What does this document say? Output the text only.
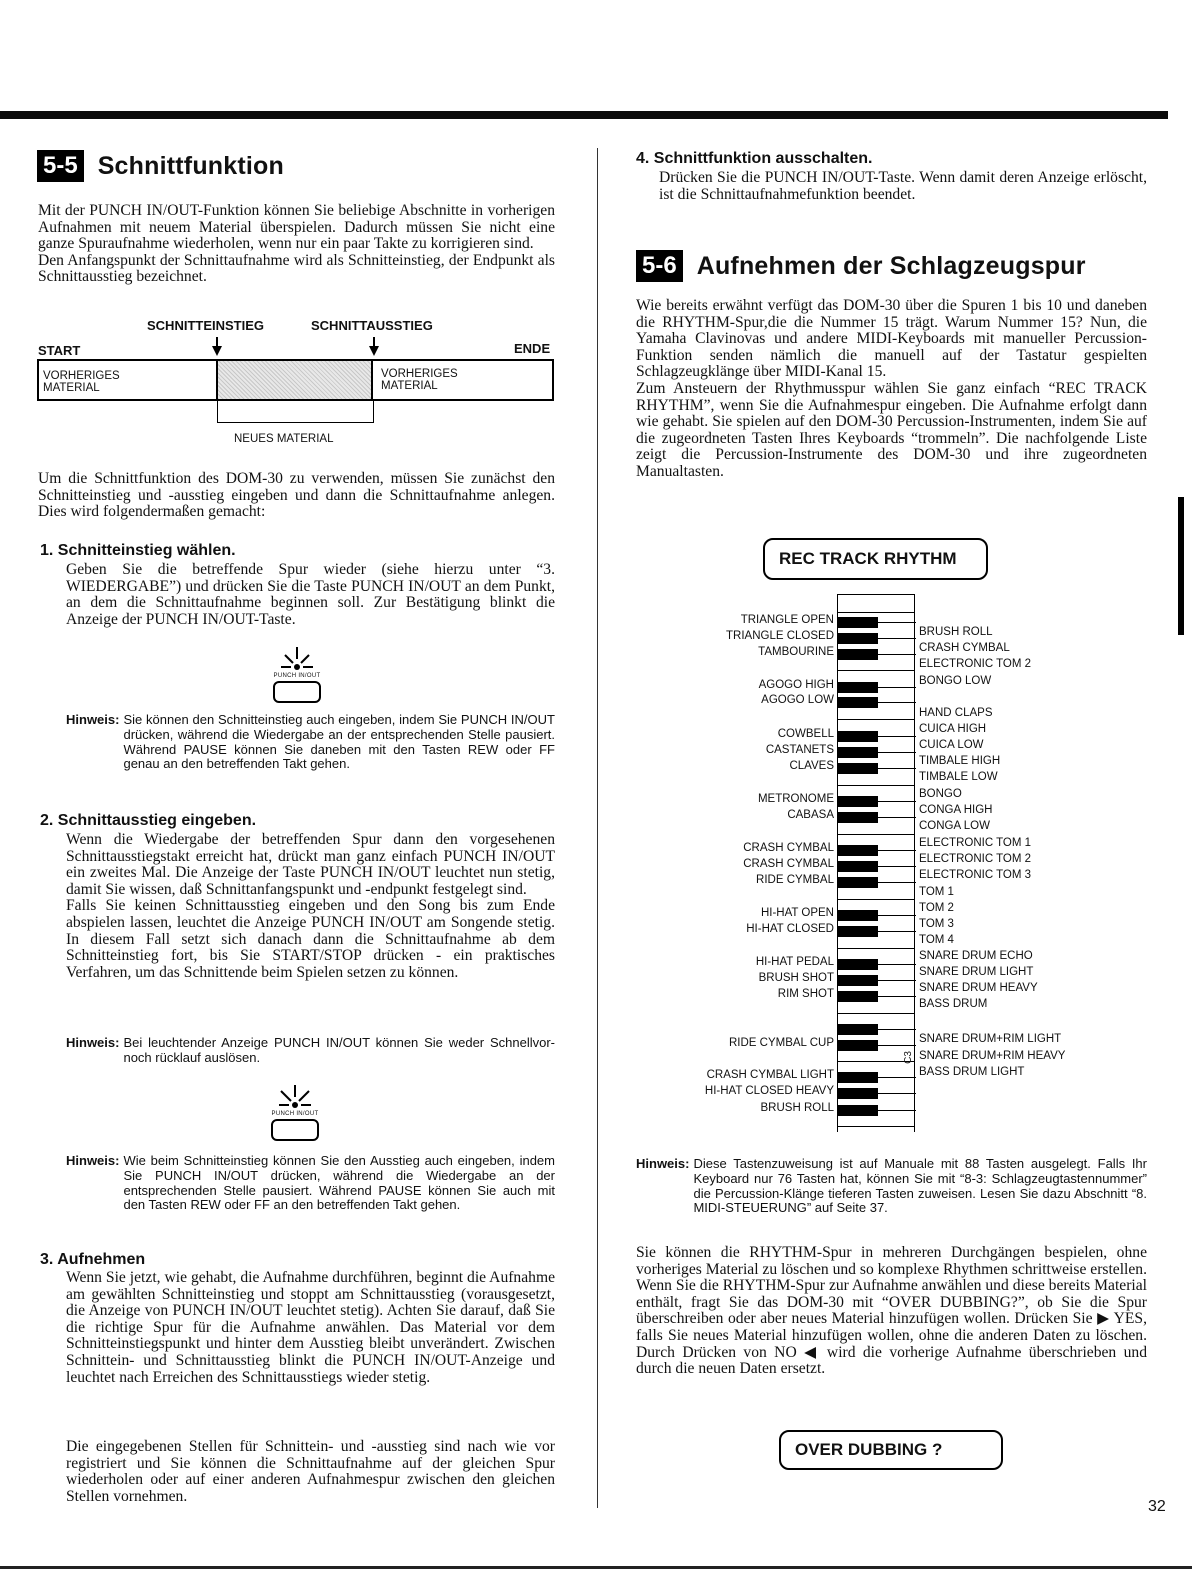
5-5 Schnittfunktion
Mit der PUNCH IN/OUT-Funktion können Sie beliebige Abschnitte in vorherigen Aufnahmen mit neuem Material überspielen. Dadurch müssen Sie nicht eine ganze Spuraufnahme wiederholen, wenn nur ein paar Takte zu korrigieren sind.
Den Anfangspunkt der Schnittaufnahme wird als Schnitteinstieg, der Endpunkt als Schnittausstieg bezeichnet.
SCHNITTEINSTIEG	SCHNITTAUSSTIEG
START	ENDE
VORHERIGES MATERIAL
VORHERIGES MATERIAL
NEUES MATERIAL
Um die Schnittfunktion des DOM-30 zu verwenden, müssen Sie zunächst den Schnitteinstieg und -ausstieg eingeben und dann die Schnittaufnahme anlegen. Dies wird folgendermaßen gemacht:
1. Schnitteinstieg wählen.
Geben Sie die betreffende Spur wieder (siehe hierzu unter “3. WIEDERGABE”) und drücken Sie die Taste PUNCH IN/OUT an dem Punkt, an dem die Schnittaufnahme beginnen soll. Zur Bestätigung blinkt die Anzeige der PUNCH IN/OUT-Taste.
PUNCH IN/OUT
Hinweis: Sie können den Schnitteinstieg auch eingeben, indem Sie PUNCH IN/OUT drücken, während die Wiedergabe an der entsprechenden Stelle pausiert. Während PAUSE können Sie daneben mit den Tasten REW oder FF genau an den betreffenden Takt gehen.
2. Schnittausstieg eingeben.
Wenn die Wiedergabe der betreffenden Spur dann den vorgesehenen Schnittausstiegstakt erreicht hat, drückt man ganz einfach PUNCH IN/OUT ein zweites Mal. Die Anzeige der Taste PUNCH IN/OUT leuchtet nun stetig, damit Sie wissen, daß Schnittanfangspunkt und -endpunkt festgelegt sind.
Falls Sie keinen Schnittausstieg eingeben und den Song bis zum Ende abspielen lassen, leuchtet die Anzeige PUNCH IN/OUT am Songende stetig. In diesem Fall setzt sich danach dann die Schnittaufnahme ab dem Schnitteinstieg fort, bis Sie START/STOP drücken - ein praktisches Verfahren, um das Schnittende beim Spielen setzen zu können.
Hinweis: Bei leuchtender Anzeige PUNCH IN/OUT können Sie weder Schnellvor- noch rücklauf auslösen.
PUNCH IN/OUT
Hinweis: Wie beim Schnitteinstieg können Sie den Ausstieg auch eingeben, indem Sie PUNCH IN/OUT drücken, während die Wiedergabe an der entsprechenden Stelle pausiert. Während PAUSE können Sie auch mit den Tasten REW oder FF an den betreffenden Takt gehen.
3. Aufnehmen
Wenn Sie jetzt, wie gehabt, die Aufnahme durchführen, beginnt die Aufnahme am gewählten Schnitteinstieg und stoppt am Schnittausstieg (vorausgesetzt, die Anzeige von PUNCH IN/OUT leuchtet stetig). Achten Sie darauf, daß Sie die richtige Spur für die Aufnahme anwählen. Das Material vor dem Schnitteinstiegspunkt und hinter dem Ausstieg bleibt unverändert. Zwischen Schnittein- und Schnittausstieg blinkt die PUNCH IN/OUT-Anzeige und leuchtet nach Erreichen des Schnittausstiegs wieder stetig.
Die eingegebenen Stellen für Schnittein- und -ausstieg sind nach wie vor registriert und Sie können die Schnittaufnahme auf der gleichen Spur wiederholen oder auf einer anderen Aufnahmespur zwischen den gleichen Stellen vornehmen.
4. Schnittfunktion ausschalten.
Drücken Sie die PUNCH IN/OUT-Taste. Wenn damit deren Anzeige erlöscht, ist die Schnittaufnahmefunktion beendet.
5-6 Aufnehmen der Schlagzeugspur
Wie bereits erwähnt verfügt das DOM-30 über die Spuren 1 bis 10 und daneben die RHYTHM-Spur,die die Nummer 15 trägt. Warum Nummer 15? Nun, die Yamaha Clavinovas und andere MIDI-Keyboards mit manueller Percussion-Funktion senden nämlich die manuell auf der Tastatur gespielten Schlagzeugklänge über MIDI-Kanal 15.
Zum Ansteuern der Rhythmusspur wählen Sie ganz einfach “REC TRACK RHYTHM”, wenn Sie die Aufnahmespur eingeben. Die Aufnahme erfolgt dann wie gehabt. Sie spielen auf den DOM-30 Percussion-Instrumenten, indem Sie auf die zugeordneten Tasten Ihres Keyboards “trommeln”. Die nachfolgende Liste zeigt die Percussion-Instrumente des DOM-30 und ihre zugeordneten Manualtasten.
REC TRACK RHYTHM
C3
TRIANGLE OPEN
TRIANGLE CLOSED
TAMBOURINE
AGOGO HIGH
AGOGO LOW
COWBELL
CASTANETS
CLAVES
METRONOME
CABASA
CRASH CYMBAL
CRASH CYMBAL
RIDE CYMBAL
HI-HAT OPEN
HI-HAT CLOSED
HI-HAT PEDAL
BRUSH SHOT
RIM SHOT
RIDE CYMBAL CUP
CRASH CYMBAL LIGHT
HI-HAT CLOSED HEAVY
BRUSH ROLL
BRUSH ROLL
CRASH CYMBAL
ELECTRONIC TOM 2
BONGO LOW
HAND CLAPS
CUICA HIGH
CUICA LOW
TIMBALE HIGH
TIMBALE LOW
BONGO
CONGA HIGH
CONGA LOW
ELECTRONIC TOM 1
ELECTRONIC TOM 2
ELECTRONIC TOM 3
TOM 1
TOM 2
TOM 3
TOM 4
SNARE DRUM ECHO
SNARE DRUM LIGHT
SNARE DRUM HEAVY
BASS DRUM
SNARE DRUM+RIM LIGHT
SNARE DRUM+RIM HEAVY
BASS DRUM LIGHT
Hinweis: Diese Tastenzuweisung ist auf Manuale mit 88 Tasten ausgelegt. Falls Ihr Keyboard nur 76 Tasten hat, können Sie mit “8-3: Schlagzeugtastennummer” die Percussion-Klänge tieferen Tasten zuweisen. Lesen Sie dazu Abschnitt “8. MIDI-STEUERUNG” auf Seite 37.
Sie können die RHYTHM-Spur in mehreren Durchgängen bespielen, ohne vorheriges Material zu löschen und so komplexe Rhythmen schrittweise erstellen. Wenn Sie die RHYTHM-Spur zur Aufnahme anwählen und diese bereits Material enthält, fragt Sie das DOM-30 mit “OVER DUBBING?”, ob Sie die Spur überschreiben oder aber neues Material hinzufügen wollen. Drücken Sie ▶ YES, falls Sie neues Material hinzufügen wollen, ohne die anderen Daten zu löschen. Durch Drücken von NO ◀ wird die vorherige Aufnahme überschrieben und durch die neuen Daten ersetzt.
OVER DUBBING ?
32
